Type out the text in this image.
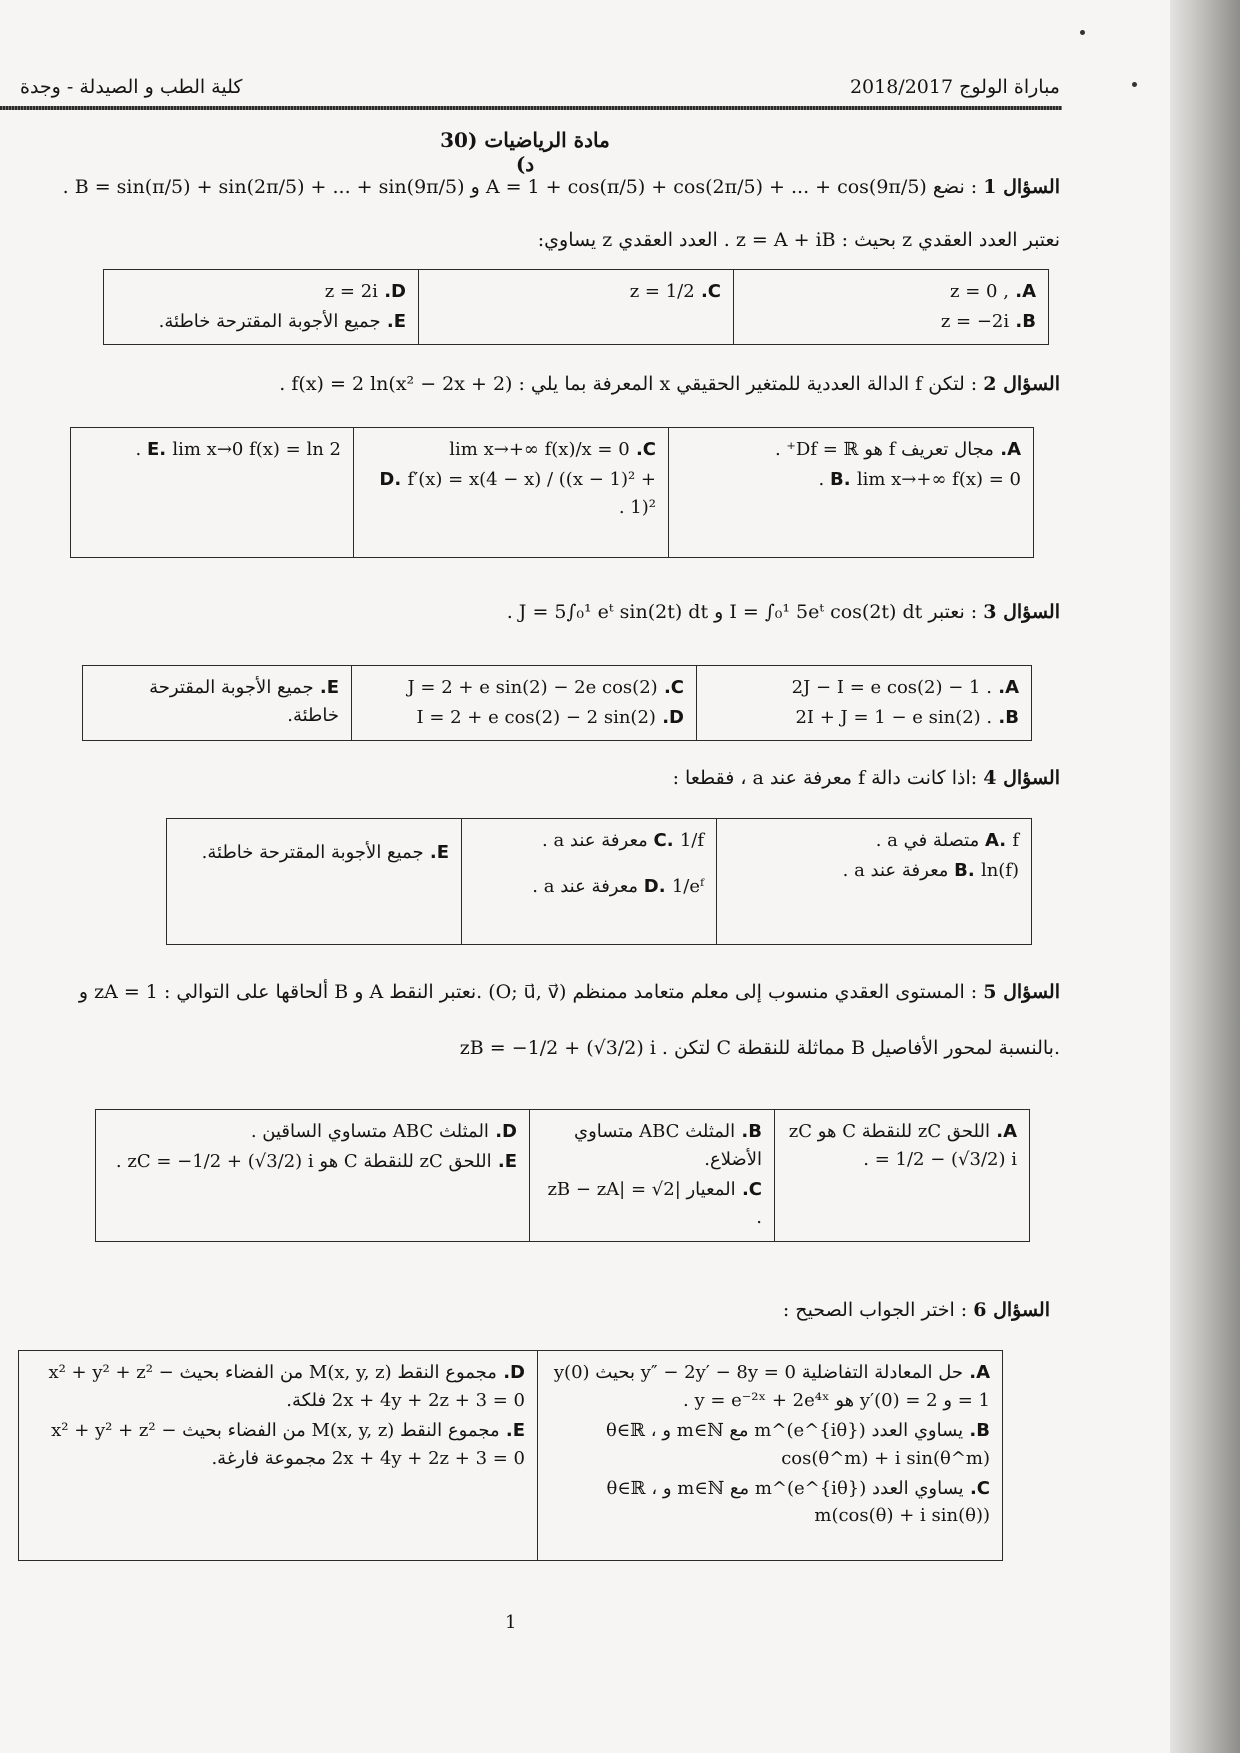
كلية الطب و الصيدلة - وجدة	مباراة الولوج 2018/2017
مادة الرياضيات (30 د)
السؤال 1 : نضع A = 1 + cos(π/5) + cos(2π/5) + ... + cos(9π/5) و B = sin(π/5) + sin(2π/5) + ... + sin(9π/5) .
نعتبر العدد العقدي z بحيث : z = A + iB . العدد العقدي z يساوي:
A. z = 0 ,
B. z = −2i

C. z = 1/2

D. z = 2i
E. جميع الأجوبة المقترحة خاطئة.
السؤال 2 : لتكن f الدالة العددية للمتغير الحقيقي x المعرفة بما يلي : f(x) = 2 ln(x² − 2x + 2) .
A. مجال تعريف f هو Df = ℝ⁺ .
B. lim x→+∞ f(x) = 0 .

C. lim x→+∞ f(x)/x = 0
D. f′(x) = x(4 − x) / ((x − 1)² + 1)² .

E. lim x→0 f(x) = ln 2 .
السؤال 3 : نعتبر I = ∫₀¹ 5eᵗ cos(2t) dt و J = 5∫₀¹ eᵗ sin(2t) dt .
A. 2J − I = e cos(2) − 1 .
B. 2I + J = 1 − e sin(2) .

C. J = 2 + e sin(2) − 2e cos(2)
D. I = 2 + e cos(2) − 2 sin(2)

E. جميع الأجوبة المقترحة خاطئة.
السؤال 4 :اذا كانت دالة f معرفة عند a ، فقطعا :
A. f متصلة في a .
B. ln(f) معرفة عند a .

C. 1/f معرفة عند a .
D. 1/eᶠ معرفة عند a .

E. جميع الأجوبة المقترحة خاطئة.
السؤال 5 : المستوى العقدي منسوب إلى معلم متعامد ممنظم (O; u⃗, v⃗) .نعتبر النقط A و B ألحاقها على التوالي : zA = 1 و
zB = −1/2 + (√3/2) i . لتكن C مماثلة للنقطة B بالنسبة لمحور الأفاصيل.
A. اللحق zC للنقطة C هو zC = 1/2 − (√3/2) i .

B. المثلث ABC متساوي الأضلاع.
C. المعيار |zB − zA| = √2 .

D. المثلث ABC متساوي الساقين .
E. اللحق zC للنقطة C هو zC = −1/2 + (√3/2) i .
السؤال 6 : اختر الجواب الصحيح :
A. حل المعادلة التفاضلية y″ − 2y′ − 8y = 0 بحيث y(0) = 1 و y′(0) = 2 هو y = e⁻²ˣ + 2e⁴ˣ .
B. يساوي العدد (e^{iθ})^m مع m∈ℕ و θ∈ℝ ، cos(θ^m) + i sin(θ^m)
C. يساوي العدد (e^{iθ})^m مع m∈ℕ و θ∈ℝ ، m(cos(θ) + i sin(θ))

D. مجموع النقط M(x, y, z) من الفضاء بحيث x² + y² + z² − 2x + 4y + 2z + 3 = 0 فلكة.
E. مجموع النقط M(x, y, z) من الفضاء بحيث x² + y² + z² − 2x + 4y + 2z + 3 = 0 مجموعة فارغة.
1
